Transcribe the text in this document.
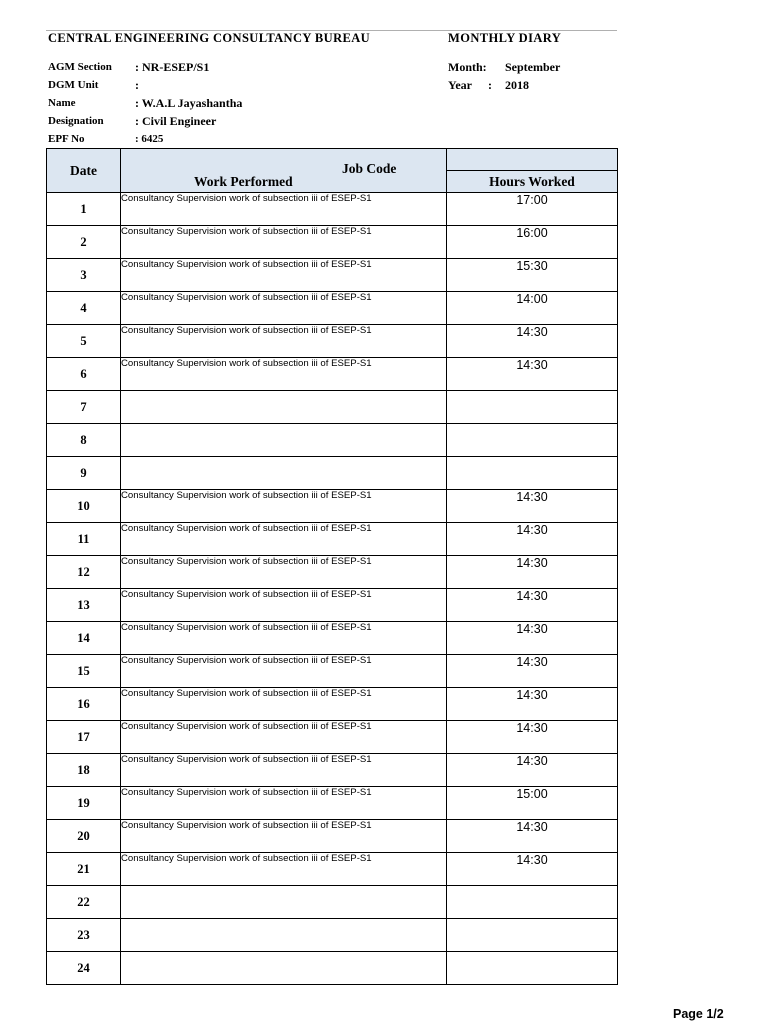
CENTRAL ENGINEERING CONSULTANCY BUREAU	MONTHLY DIARY
AGM Section : NR-ESEP/S1
DGM Unit	:
Name	: W.A.L Jayashantha
Designation	: Civil Engineer
EPF No	: 6425
Month: September
Year : 2018
Date	Job Code
Work Performed	

		Hours Worked
1	Consultancy Supervision work of subsection iii of ESEP-S1	17:00
2	Consultancy Supervision work of subsection iii of ESEP-S1	16:00
3	Consultancy Supervision work of subsection iii of ESEP-S1	15:30
4	Consultancy Supervision work of subsection iii of ESEP-S1	14:00
5	Consultancy Supervision work of subsection iii of ESEP-S1	14:30
6	Consultancy Supervision work of subsection iii of ESEP-S1	14:30
7		
8		
9		
10	Consultancy Supervision work of subsection iii of ESEP-S1	14:30
11	Consultancy Supervision work of subsection iii of ESEP-S1	14:30
12	Consultancy Supervision work of subsection iii of ESEP-S1	14:30
13	Consultancy Supervision work of subsection iii of ESEP-S1	14:30
14	Consultancy Supervision work of subsection iii of ESEP-S1	14:30
15	Consultancy Supervision work of subsection iii of ESEP-S1	14:30
16	Consultancy Supervision work of subsection iii of ESEP-S1	14:30
17	Consultancy Supervision work of subsection iii of ESEP-S1	14:30
18	Consultancy Supervision work of subsection iii of ESEP-S1	14:30
19	Consultancy Supervision work of subsection iii of ESEP-S1	15:00
20	Consultancy Supervision work of subsection iii of ESEP-S1	14:30
21	Consultancy Supervision work of subsection iii of ESEP-S1	14:30
22		
23		
24		
Page 1/2
